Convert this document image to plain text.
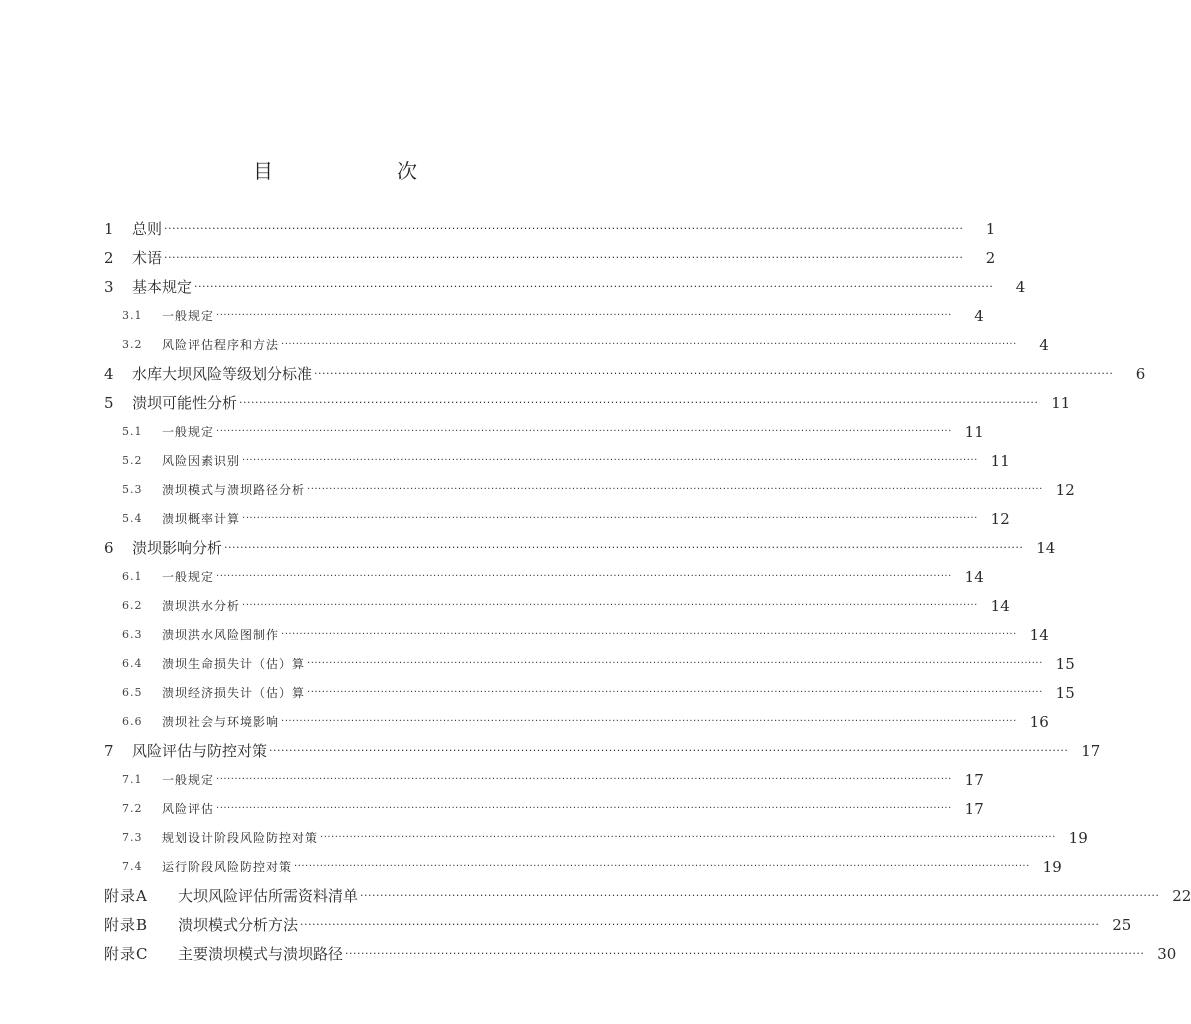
目　次
1	总则 ········································································································································································································	1
2	术语 ········································································································································································································	2
3	基本规定 ········································································································································································································	4
3.1	一般规定 ········································································································································································································	4
3.2	风险评估程序和方法 ········································································································································································································	4
4	水库大坝风险等级划分标准 ········································································································································································································	6
5	溃坝可能性分析 ········································································································································································································ 11
5.1	一般规定 ········································································································································································································ 11
5.2	风险因素识别 ········································································································································································································ 11
5.3	溃坝模式与溃坝路径分析 ········································································································································································································ 12
5.4	溃坝概率计算 ········································································································································································································ 12
6	溃坝影响分析 ········································································································································································································ 14
6.1	一般规定 ········································································································································································································ 14
6.2	溃坝洪水分析 ········································································································································································································ 14
6.3	溃坝洪水风险图制作 ········································································································································································································ 14
6.4	溃坝生命损失计（估）算 ········································································································································································································ 15
6.5	溃坝经济损失计（估）算 ········································································································································································································ 15
6.6	溃坝社会与环境影响 ········································································································································································································ 16
7	风险评估与防控对策 ········································································································································································································ 17
7.1	一般规定 ········································································································································································································ 17
7.2	风险评估 ········································································································································································································ 17
7.3	规划设计阶段风险防控对策 ········································································································································································································ 19
7.4	运行阶段风险防控对策 ········································································································································································································ 19
附录A	大坝风险评估所需资料清单 ········································································································································································································ 22
附录B	溃坝模式分析方法 ········································································································································································································ 25
附录C	主要溃坝模式与溃坝路径 ········································································································································································································ 30
